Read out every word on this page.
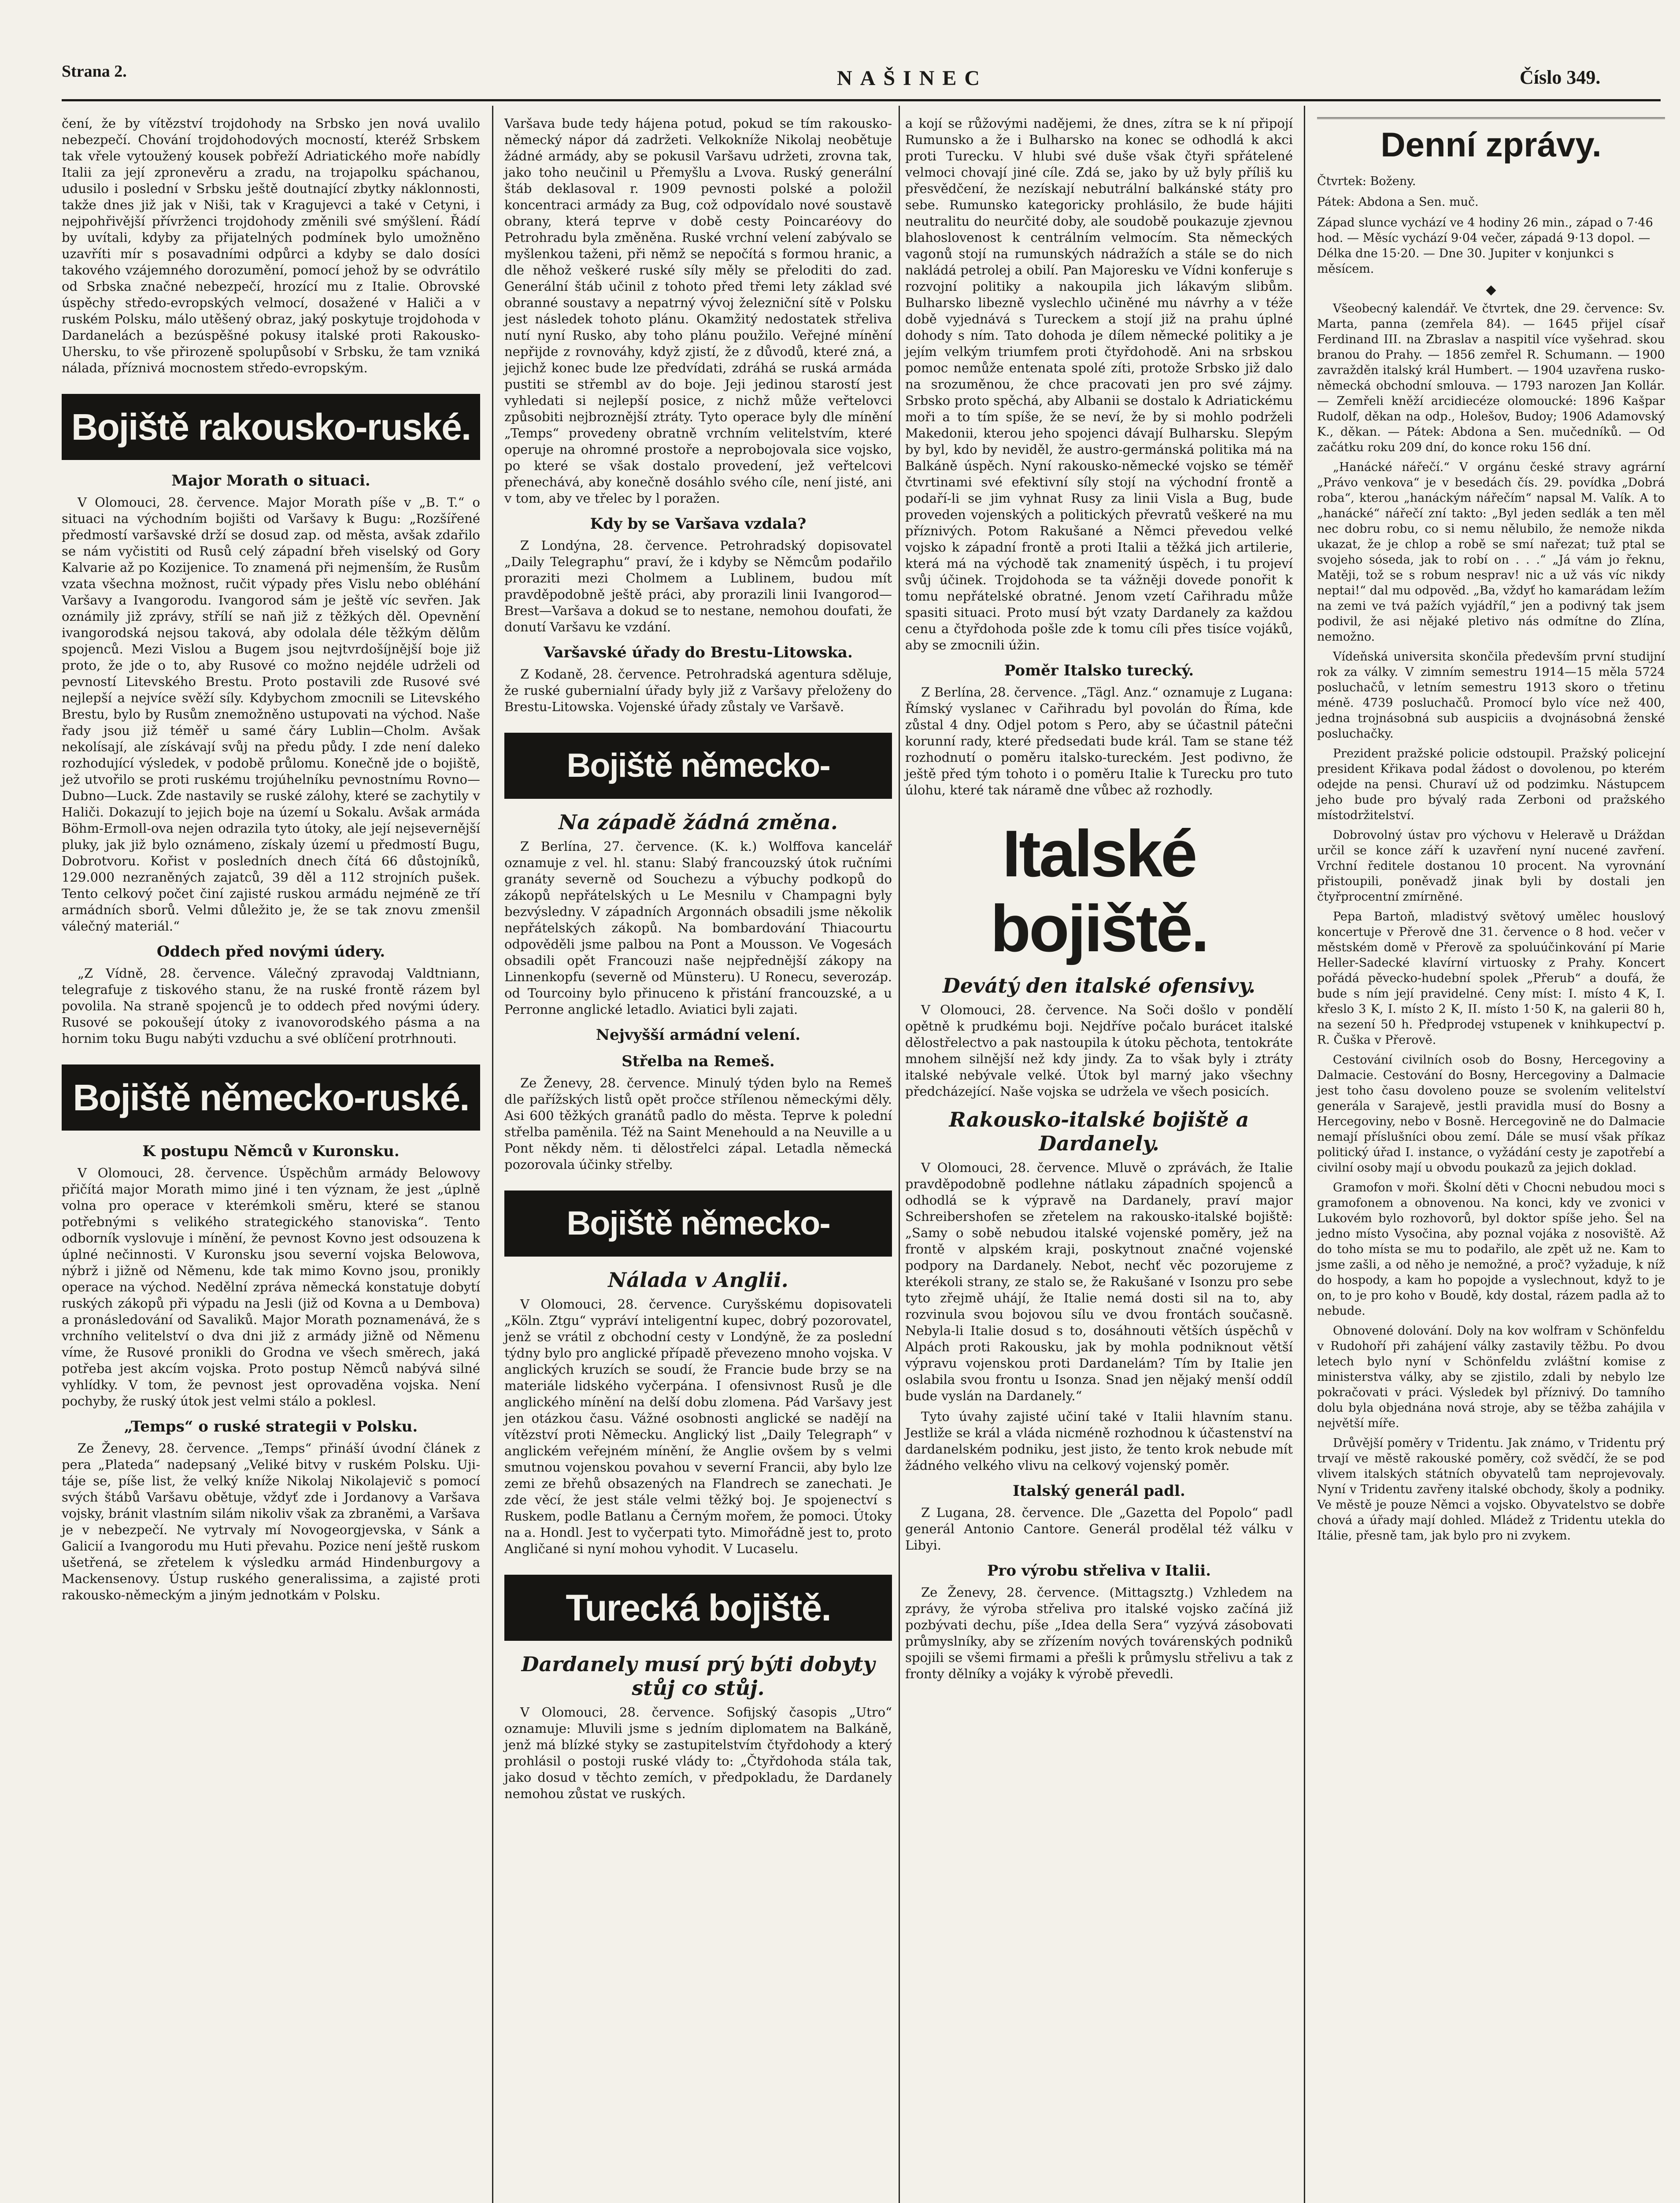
Strana 2.	NAŠINEC	Číslo 349.

čení, že by vítězství trojdohody na Srbsko jen nová uvalilo nebezpečí. Chování trojdohodových mocností, kteréž Srbskem tak vřele vytoužený kousek pobřeží Adriatického moře nabídly Italii za její zpronevěru a zradu, na trojapolku spáchanou, udusilo i poslední v Srbsku ještě doutnající zbytky náklonnosti, takže dnes již jak v Niši, tak v Kragujevci a také v Cetyni, i nejpohřivější přívrženci trojdohody změnili své smýšlení. Řádí by uvítali, kdyby za přijatelných podmínek bylo umožněno uzavříti mír s posavadními odpůrci a kdyby se dalo dosíci takového vzájemného dorozumění, pomocí jehož by se odvrátilo od Srbska značné nebezpečí, hrozící mu z Italie. Obrovské úspěchy středo-evropských velmocí, dosažené v Haliči a v ruském Polsku, málo utěšený obraz, jaký poskytuje trojdohoda v Dardanelách a bezúspěšné pokusy italské proti Rakousko-Uhersku, to vše přirozeně spolupůsobí v Srbsku, že tam vzniká nálada, příznivá mocnostem středo-evropským.

Bojiště rakousko-ruské.
Major Morath o situaci.

V Olomouci, 28. července. Major Morath píše v „B. T.“ o situaci na východním bojišti od Varšavy k Bugu: „Rozšířené předmostí varšavské drží se dosud zap. od města, avšak zdařilo se nám vyčistiti od Rusů celý západní břeh viselský od Gory Kalvarie až po Kozijenice. To znamená při nejmenším, že Rusům vzata všechna možnost, ručit výpady přes Vislu nebo obléhání Varšavy a Ivangorodu. Ivangorod sám je ještě víc sevřen. Jak oznámily již zprávy, střílí se naň již z těžkých děl. Opevnění ivangorodská nejsou taková, aby odolala déle těžkým dělům spojenců. Mezi Vislou a Bugem jsou nejtvrdošíjnější boje již proto, že jde o to, aby Rusové co možno nejdéle udrželi od pevností Litevského Brestu. Proto postavili zde Rusové své nejlepší a nejvíce svěží síly. Kdybychom zmocnili se Litevského Brestu, bylo by Rusům znemožněno ustupovati na východ. Naše řady jsou již téměř u samé čáry Lublin—Cholm. Avšak nekolísají, ale získávají svůj na předu půdy. I zde není daleko rozhodující výsledek, v podobě průlomu. Konečně jde o bojiště, jež utvořilo se proti ruskému trojúhelníku pevnostnímu Rovno—Dubno—Luck. Zde nastavily se ruské zálohy, které se zachytily v Haliči. Dokazují to jejich boje na území u Sokalu. Avšak armáda Böhm-Ermoll-ova nejen odrazila tyto útoky, ale její nejsevernější pluky, jak již bylo oznámeno, získaly území u předmostí Bugu, Dobrotvoru. Kořist v posledních dnech čítá 66 důstojníků, 129.000 nezraněných zajatců, 39 děl a 112 strojních pušek. Tento celkový počet činí zajisté ruskou armádu nejméně ze tří armádních sborů. Velmi důležito je, že se tak znovu zmenšil válečný materiál.“

Oddech před novými údery.

„Z Vídně, 28. července. Válečný zpravodaj Valdtniann, telegrafuje z tiskového stanu, že na ruské frontě rázem byl povolila. Na straně spojenců je to oddech před novými údery. Rusové se pokoušejí útoky z ivanovorodského pásma a na hornim toku Bugu nabýti vzduchu a své oblíčení protrhnouti.

Bojiště německo-ruské.
K postupu Němců v Kuronsku.

V Olomouci, 28. července. Úspěchům armády Belowovy přičítá major Morath mimo jiné i ten význam, že jest „úplně volna pro operace v kterémkoli směru, které se stanou potřebnými s velikého strategického stanoviska“. Tento odborník vyslovuje i mínění, že pevnost Kovno jest odsouzena k úplné nečinnosti. V Kuronsku jsou severní vojska Belowova, nýbrž i jižně od Němenu, kde tak mimo Kovno jsou, pronikly operace na východ. Nedělní zpráva německá konstatuje dobytí ruských zákopů při výpadu na Jesli (již od Kovna a u Dembova) a pronásledování od Savaliků. Major Morath poznamenává, že s vrchního velitelství o dva dni již z armády jižně od Němenu víme, že Rusové pronikli do Grodna ve všech směrech, jaká potřeba jest akcím vojska. Proto postup Němců nabývá silné vyhlídky. V tom, že pevnost jest oprovaděna vojska. Není pochyby, že ruský útok jest velmi stálo a poklesl.

„Temps“ o ruské strategii v Polsku.

Ze Ženevy, 28. července. „Temps“ přináší úvodní článek z pera „Plateda“ nadepsaný „Veliké bitvy v ruském Polsku. Uji-táje se, píše list, že velký kníže Nikolaj Nikolajevič s pomocí svých štábů Varšavu obětuje, vždyť zde i Jordanovy a Varšava vojsky, bránit vlastním silám nikoliv však za zbraněmi, a Varšava je v nebezpečí. Ne vytrvaly mí Novogeorgjevska, v Sánk a Galicií a Ivangorodu mu Huti převahu. Pozice není ještě ruskom ušetřená, se zřetelem k výsledku armád Hindenburgovy a Mackensenovy. Ústup ruského generalissima, a zajisté proti rakousko-německým a jiným jednotkám v Polsku.

Varšava bude tedy hájena potud, pokud se tím rakousko-německý nápor dá zadržeti. Velkokníže Nikolaj neobětuje žádné armády, aby se pokusil Varšavu udržeti, zrovna tak, jako toho neučinil u Přemyšlu a Lvova. Ruský generální štáb deklasoval r. 1909 pevnosti polské a položil koncentraci armády za Bug, což odpovídalo nové soustavě obrany, která teprve v době cesty Poincaréovy do Petrohradu byla změněna. Ruské vrchní velení zabývalo se myšlenkou taženi, při němž se nepočítá s formou hranic, a dle něhož veškeré ruské síly měly se přeloditi do zad. Generální štáb učinil z tohoto před třemi lety základ své obranné soustavy a nepatrný vývoj železniční sítě v Polsku jest následek tohoto plánu. Okamžitý nedostatek střeliva nutí nyní Rusko, aby toho plánu použilo. Veřejné mínění nepřijde z rovnováhy, když zjistí, že z důvodů, které zná, a jejichž konec bude lze předvídati, zdráhá se ruská armáda pustiti se střembl av do boje. Jeji jedinou starostí jest vyhledati si nejlepší posice, z nichž může veřtelovci způsobiti nejbroznější ztráty. Tyto operace byly dle mínění „Temps“ provedeny obratně vrchním velitelstvím, které operuje na ohromné prostoře a neprobojovala sice vojsko, po které se však dostalo provedení, jež veřtelcovi přenechává, aby konečně dosáhlo svého cíle, není jisté, ani v tom, aby ve třelec by l poražen.

Kdy by se Varšava vzdala?

Z Londýna, 28. července. Petrohradský dopisovatel „Daily Telegraphu“ praví, že i kdyby se Němcům podařilo proraziti mezi Cholmem a Lublinem, budou mít pravděpodobně ještě práci, aby prorazili linii Ivangorod—Brest—Varšava a dokud se to nestane, nemohou doufati, že donutí Varšavu ke vzdání.

Varšavské úřady do Brestu-Litowska.

Z Kodaně, 28. července. Petrohradská agentura sděluje, že ruské gubernialní úřady byly již z Varšavy přeloženy do Brestu-Litowska. Vojenské úřady zůstaly ve Varšavě.

Bojiště německo-
Na západě žádná změna.

Z Berlína, 27. července. (K. k.) Wolffova kancelář oznamuje z vel. hl. stanu: Slabý francouzský útok ručními granáty severně od Souchezu a výbuchy podkopů do zákopů nepřátelských u Le Mesnilu v Champagni byly bezvýsledny. V západních Argonnách obsadili jsme několik nepřátelských zákopů. Na bombardování Thiacourtu odpověděli jsme palbou na Pont a Mousson. Ve Vogesách obsadili opět Francouzi naše nejpřednější zákopy na Linnenkopfu (severně od Münsteru). U Ronecu, severozáp. od Tourcoiny bylo přinuceno k přistání francouzské, a u Perronne anglické letadlo. Aviatici byli zajati.

Nejvyšší armádní velení.
Střelba na Remeš.

Ze Ženevy, 28. července. Minulý týden bylo na Remeš dle pařížských listů opět pročce střílenou německými děly. Asi 600 těžkých granátů padlo do města. Teprve k polední střelba paměnila. Též na Saint Menehould a na Neuville a u Pont někdy něm. ti dělostřelci zápal. Letadla německá pozorovala účinky střelby.

Bojiště německo-
Nálada v Anglii.

V Olomouci, 28. července. Curyšskému dopisovateli „Köln. Ztgu“ vypráví inteligentní kupec, dobrý pozorovatel, jenž se vrátil z obchodní cesty v Londýně, že za poslední týdny bylo pro anglické případě převezeno mnoho vojska. V anglických kruzích se soudí, že Francie bude brzy se na materiále lidského vyčerpána. I ofensivnost Rusů je dle anglického mínění na delší dobu zlomena. Pád Varšavy jest jen otázkou času. Vážné osobnosti anglické se nadějí na vítězství proti Německu. Anglický list „Daily Telegraph“ v anglickém veřejném mínění, že Anglie ovšem by s velmi smutnou vojenskou povahou v severní Francii, aby bylo lze zemi ze břehů obsazených na Flandrech se zanechati. Je zde věcí, že jest stále velmi těžký boj. Je spojenectví s Ruskem, podle Batlanu a Černým mořem, že pomoci. Útoky na a. Hondl. Jest to vyčerpati tyto. Mimořádně jest to, proto Angličané si nyní mohou vyhodit. V Lucaselu.

Turecká bojiště.
Dardanely musí prý býti dobyty stůj co stůj.

V Olomouci, 28. července. Sofijský časopis „Utro“ oznamuje: Mluvili jsme s jedním diplomatem na Balkáně, jenž má blízké styky se zastupitelstvím čtyřdohody a který prohlásil o postoji ruské vlády to: „Čtyřdohoda stála tak, jako dosud v těchto zemích, v předpokladu, že Dardanely nemohou zůstat ve ruských.

a kojí se růžovými nadějemi, že dnes, zítra se k ní připojí Rumunsko a že i Bulharsko na konec se odhodlá k akci proti Turecku. V hlubi své duše však čtyři spřátelené velmoci chovají jiné cíle. Zdá se, jako by už byly příliš ku přesvědčení, že nezískají nebutrální balkánské státy pro sebe. Rumunsko kategoricky prohlásilo, že bude hájiti neutralitu do neurčité doby, ale soudobě poukazuje zjevnou blahoslovenost k centrálním velmocím. Sta německých vagonů stojí na rumunských nádražích a stále se do nich nakládá petrolej a obilí. Pan Majoresku ve Vídni konferuje s rozvojní politiky a nakoupila jich lákavým slibům. Bulharsko libezně vyslechlo učiněné mu návrhy a v téže době vyjednává s Tureckem a stojí již na prahu úplné dohody s ním. Tato dohoda je dílem německé politiky a je jejím velkým triumfem proti čtyřdohodě. Ani na srbskou pomoc nemůže entenata spolé zíti, protože Srbsko již dalo na srozuměnou, že chce pracovati jen pro své zájmy. Srbsko proto spěchá, aby Albanii se dostalo k Adriatickému moři a to tím spíše, že se neví, že by si mohlo podrželi Makedonii, kterou jeho spojenci dávají Bulharsku. Slepým by byl, kdo by neviděl, že austro-germánská politika má na Balkáně úspěch. Nyní rakousko-německé vojsko se téměř čtvrtinami své efektivní síly stojí na východní frontě a podaří-li se jim vyhnat Rusy za linii Visla a Bug, bude proveden vojenských a politických převratů veškeré na mu příznivých. Potom Rakušané a Němci převedou velké vojsko k západní frontě a proti Italii a těžká jich artilerie, která má na východě tak znamenitý úspěch, i tu projeví svůj účinek. Trojdohoda se ta vážněji dovede ponořit k tomu nepřátelské obratné. Jenom vzetí Cařihradu může spasiti situaci. Proto musí být vzaty Dardanely za každou cenu a čtyřdohoda pošle zde k tomu cíli přes tisíce vojáků, aby se zmocnili úžin.

Poměr Italsko turecký.

Z Berlína, 28. července. „Tägl. Anz.“ oznamuje z Lugana: Římský vyslanec v Cařihradu byl povolán do Říma, kde zůstal 4 dny. Odjel potom s Pero, aby se účastnil pátečni korunní rady, které předsedati bude král. Tam se stane též rozhodnutí o poměru italsko-tureckém. Jest podivno, že ještě před tým tohoto i o poměru Italie k Turecku pro tuto úlohu, které tak náramě dne vůbec až rozhodly.

Italské bojiště.
Devátý den italské ofensivy.

V Olomouci, 28. července. Na Soči došlo v pondělí opětně k prudkému boji. Nejdříve počalo burácet italské dělostřelectvo a pak nastoupila k útoku pěchota, tentokráte mnohem silnější než kdy jindy. Za to však byly i ztráty italské nebývale velké. Útok byl marný jako všechny předcházející. Naše vojska se udržela ve všech posicích.

Rakousko-italské bojiště a Dardanely.

V Olomouci, 28. července. Mluvě o zprávách, že Italie pravděpodobně podlehne nátlaku západních spojenců a odhodlá se k výpravě na Dardanely, praví major Schreibershofen se zřetelem na rakousko-italské bojiště: „Samy o sobě nebudou italské vojenské poměry, jež na frontě v alpském kraji, poskytnout značné vojenské podpory na Dardanely. Nebot, nechť věc pozorujeme z kterékoli strany, ze stalo se, že Rakušané v Isonzu pro sebe tyto zřejmě uhájí, že Italie nemá dosti sil na to, aby rozvinula svou bojovou sílu ve dvou frontách současně. Nebyla-li Italie dosud s to, dosáhnouti větších úspěchů v Alpách proti Rakousku, jak by mohla podniknout větší výpravu vojenskou proti Dardanelám? Tím by Italie jen oslabila svou frontu u Isonza. Snad jen nějaký menší oddíl bude vyslán na Dardanely.“

Tyto úvahy zajisté učiní také v Italii hlavním stanu. Jestliže se král a vláda nicméně rozhodnou k účastenství na dardanelském podniku, jest jisto, že tento krok nebude mít žádného velkého vlivu na celkový vojenský poměr.

Italský generál padl.

Z Lugana, 28. července. Dle „Gazetta del Popolo“ padl generál Antonio Cantore. Generál prodělal též válku v Libyi.

Pro výrobu střeliva v Italii.

Ze Ženevy, 28. července. (Mittagsztg.) Vzhledem na zprávy, že výroba střeliva pro italské vojsko začíná již pozbývati dechu, píše „Idea della Sera“ vyzývá zásobovati průmyslníky, aby se zřízením nových továrenských podniků spojili se všemi firmami a přešli k průmyslu střelivu a tak z fronty dělníky a vojáky k výrobě převedli.

Denní zprávy.
Čtvrtek: Boženy.
Pátek: Abdona a Sen. muč.
Západ slunce vychází ve 4 hodiny 26 min., západ o 7·46 hod. — Měsíc vychází 9·04 večer, západá 9·13 dopol. — Délka dne 15·20. — Dne 30. Jupiter v konjunkci s měsícem.
◆

Všeobecný kalendář. Ve čtvrtek, dne 29. července: Sv. Marta, panna (zemřela 84). — 1645 přijel císař Ferdinand III. na Zbraslav a naspitil více vyšehrad. skou branou do Prahy. — 1856 zemřel R. Schumann. — 1900 zavražděn italský král Humbert. — 1904 uzavřena rusko-německá obchodní smlouva. — 1793 narozen Jan Kollár. — Zemřeli kněží arcidiecéze olomoucké: 1896 Kašpar Rudolf, děkan na odp., Holešov, Budoy; 1906 Adamovský K., děkan. — Pátek: Abdona a Sen. mučedníků. — Od začátku roku 209 dní, do konce roku 156 dní.

„Hanácké nářečí.“ V orgánu české stravy agrární „Právo venkova“ je v besedách čís. 29. povídka „Dobrá roba“, kterou „hanáckým nářečím“ napsal M. Valík. A to „hanácké“ nářečí zní takto: „Byl jeden sedlák a ten měl nec dobru robu, co si nemu nělubilo, že nemože nikda ukazat, že je chlop a robě se smí nařezat; tuž ptal se svojeho sóseda, jak to robí on . . .“ „Já vám jo řeknu, Matěji, tož se s robum nesprav! nic a už vás víc nikdy neptai!“ dal mu odpověd. „Ba, vždyť ho kamarádam ležím na zemi ve tvá pažích vyjádříl,“ jen a podivný tak jsem podivil, že asi nějaké pletivo nás odmítne do Zlína, nemožno.

Vídeňská universita skončila především první studijní rok za války. V zimním semestru 1914—15 měla 5724 posluchačů, v letním semestru 1913 skoro o třetinu méně. 4739 posluchačů. Promocí bylo více než 400, jedna trojnásobná sub auspiciis a dvojnásobná ženské posluchačky.

Prezident pražské policie odstoupil. Pražský policejní president Křikava podal žádost o dovolenou, po kterém odejde na pensi. Churaví už od podzimku. Nástupcem jeho bude pro bývalý rada Zerboni od pražského místodržitelství.

Dobrovolný ústav pro výchovu v Heleravě u Dráždan určil se konce září k uzavření nyní nucené zavření. Vrchní ředitele dostanou 10 procent. Na vyrovnání přistoupili, poněvadž jinak byli by dostali jen čtyřprocentní zmírněné.

Pepa Bartoň, mladistvý světový umělec houslový koncertuje v Přerově dne 31. července o 8 hod. večer v městském domě v Přerově za spoluúčinkování pí Marie Heller-Sadecké klavírní virtuosky z Prahy. Koncert pořádá pěvecko-hudební spolek „Přerub“ a doufá, že bude s ním její pravidelné. Ceny míst: I. místo 4 K, I. křeslo 3 K, I. místo 2 K, II. místo 1·50 K, na galerii 80 h, na sezení 50 h. Předprodej vstupenek v knihkupectví p. R. Čuška v Přerově.

Cestování civilních osob do Bosny, Hercegoviny a Dalmacie. Cestování do Bosny, Hercegoviny a Dalmacie jest toho času dovoleno pouze se svolením velitelství generála v Sarajevě, jestli pravidla musí do Bosny a Hercegoviny, nebo v Bosně. Hercegovině ne do Dalmacie nemají příslušníci obou zemí. Dále se musí však příkaz politický úřad I. instance, o vyžádání cesty je zapotřebí a civilní osoby mají u obvodu poukazů za jejich doklad.

Gramofon v moři. Školní děti v Chocni nebudou moci s gramofonem a obnovenou. Na konci, kdy ve zvonici v Lukovém bylo rozhovorů, byl doktor spíše jeho. Šel na jedno místo Vysočina, aby poznal vojáka z nosoviště. Až do toho místa se mu to podařilo, ale zpět už ne. Kam to jsme zašli, a od něho je nemožné, a proč? vyžaduje, k níž do hospody, a kam ho popojde a vyslechnout, když to je on, to je pro koho v Boudě, kdy dostal, rázem padla až to nebude.

Obnovené dolování. Doly na kov wolfram v Schönfeldu v Rudohoří při zahájení války zastavily těžbu. Po dvou letech bylo nyní v Schönfeldu zvláštní komise z ministerstva války, aby se zjistilo, zdali by nebylo lze pokračovati v práci. Výsledek byl příznivý. Do tamního dolu byla objednána nová stroje, aby se těžba zahájila v největší míře.

Drůvější poměry v Tridentu. Jak známo, v Tridentu prý trvají ve městě rakouské poměry, což svědčí, že se pod vlivem italských státních obyvatelů tam neprojevovaly. Nyní v Tridentu zavřeny italské obchody, školy a podniky. Ve městě je pouze Němci a vojsko. Obyvatelstvo se dobře chová a úřady mají dohled. Mládež z Tridentu utekla do Itálie, přesně tam, jak bylo pro ni zvykem.
